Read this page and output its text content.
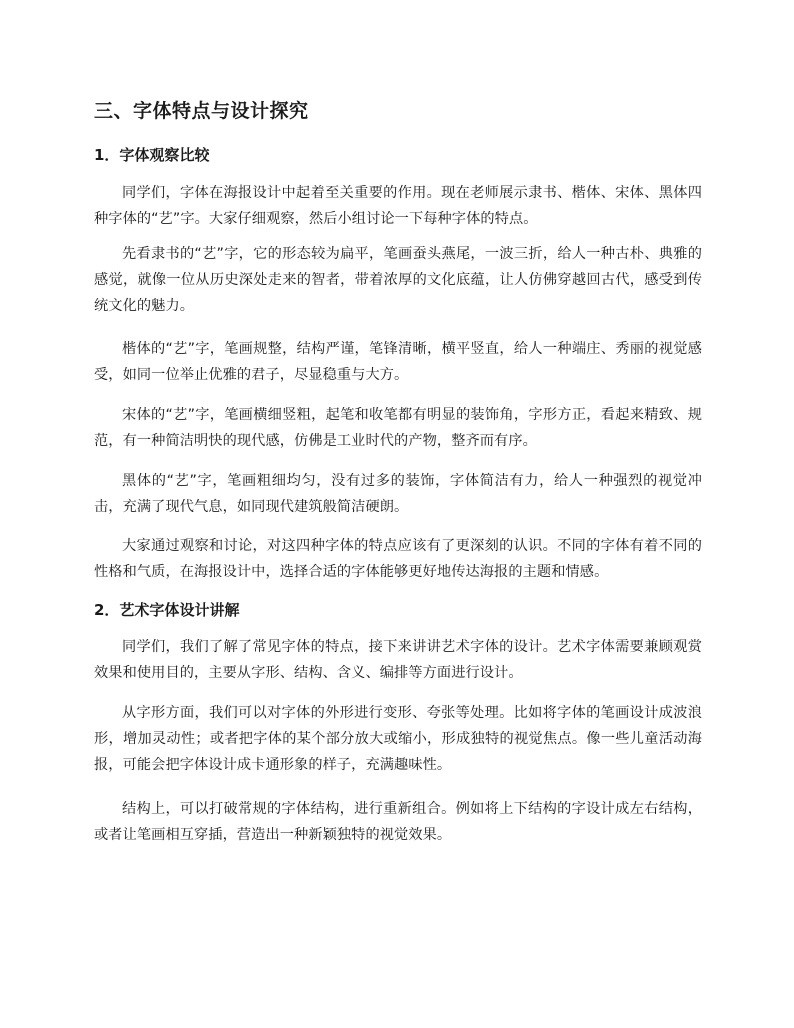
三、字体特点与设计探究
1．字体观察比较

同学们，字体在海报设计中起着至关重要的作用。现在老师展示隶书、楷体、宋体、黑体四种字体的“艺”字。大家仔细观察，然后小组讨论一下每种字体的特点。

先看隶书的“艺”字，它的形态较为扁平，笔画蚕头燕尾，一波三折，给人一种古朴、典雅的感觉，就像一位从历史深处走来的智者，带着浓厚的文化底蕴，让人仿佛穿越回古代，感受到传统文化的魅力。

楷体的“艺”字，笔画规整，结构严谨，笔锋清晰，横平竖直，给人一种端庄、秀丽的视觉感受，如同一位举止优雅的君子，尽显稳重与大方。

宋体的“艺”字，笔画横细竖粗，起笔和收笔都有明显的装饰角，字形方正，看起来精致、规范，有一种简洁明快的现代感，仿佛是工业时代的产物，整齐而有序。

黑体的“艺”字，笔画粗细均匀，没有过多的装饰，字体简洁有力，给人一种强烈的视觉冲击，充满了现代气息，如同现代建筑般简洁硬朗。

大家通过观察和讨论，对这四种字体的特点应该有了更深刻的认识。不同的字体有着不同的性格和气质，在海报设计中，选择合适的字体能够更好地传达海报的主题和情感。

2．艺术字体设计讲解

同学们，我们了解了常见字体的特点，接下来讲讲艺术字体的设计。艺术字体需要兼顾观赏效果和使用目的，主要从字形、结构、含义、编排等方面进行设计。

从字形方面，我们可以对字体的外形进行变形、夸张等处理。比如将字体的笔画设计成波浪形，增加灵动性；或者把字体的某个部分放大或缩小，形成独特的视觉焦点。像一些儿童活动海报，可能会把字体设计成卡通形象的样子，充满趣味性。

结构上，可以打破常规的字体结构，进行重新组合。例如将上下结构的字设计成左右结构，或者让笔画相互穿插，营造出一种新颖独特的视觉效果。
